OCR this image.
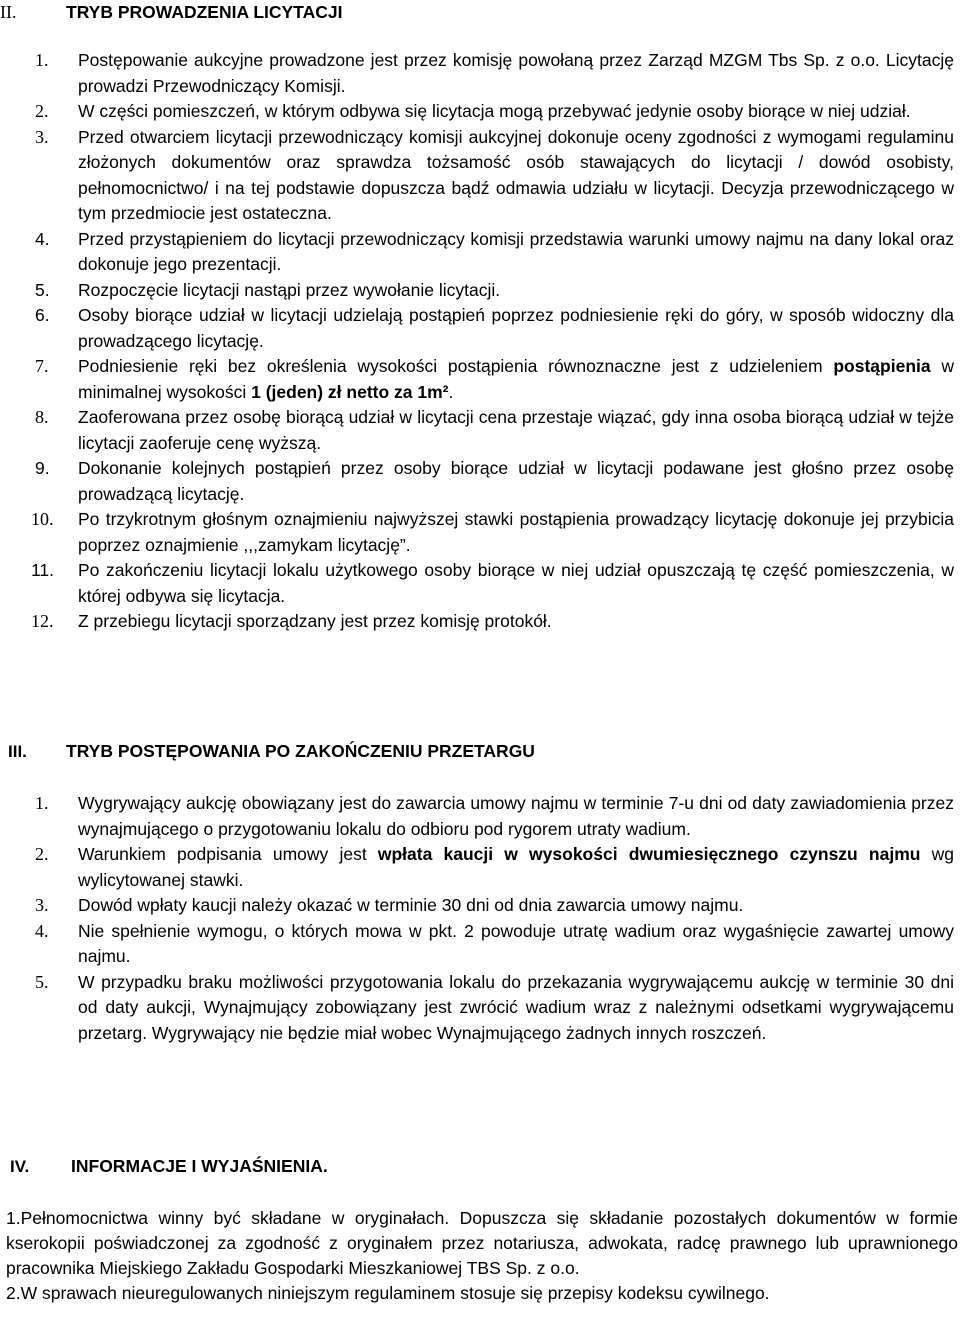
II.	TRYB PROWADZENIA LICYTACJI
1.	Postępowanie aukcyjne prowadzone jest przez komisję powołaną przez Zarząd MZGM Tbs Sp. z o.o. Licytację prowadzi Przewodniczący Komisji.
2.	W części pomieszczeń, w którym odbywa się licytacja mogą przebywać jedynie osoby biorące w niej udział.
3.	Przed otwarciem licytacji przewodniczący komisji aukcyjnej dokonuje oceny zgodności z wymogami regulaminu złożonych dokumentów oraz sprawdza tożsamość osób stawających do licytacji / dowód osobisty, pełnomocnictwo/ i na tej podstawie dopuszcza bądź odmawia udziału w licytacji. Decyzja przewodniczącego w tym przedmiocie jest ostateczna.
4.	Przed przystąpieniem do licytacji przewodniczący komisji przedstawia warunki umowy najmu na dany lokal oraz dokonuje jego prezentacji.
5.	Rozpoczęcie licytacji nastąpi przez wywołanie licytacji.
6.	Osoby biorące udział w licytacji udzielają postąpień poprzez podniesienie ręki do góry, w sposób widoczny dla prowadzącego licytację.
7.	Podniesienie ręki bez określenia wysokości postąpienia równoznaczne jest z udzieleniem postąpienia w minimalnej wysokości 1 (jeden) zł netto za 1m².
8.	Zaoferowana przez osobę biorącą udział w licytacji cena przestaje wiązać, gdy inna osoba biorącą udział w tejże licytacji zaoferuje cenę wyższą.
9.	Dokonanie kolejnych postąpień przez osoby biorące udział w licytacji podawane jest głośno przez osobę prowadzącą licytację.
10.	Po trzykrotnym głośnym oznajmieniu najwyższej stawki postąpienia prowadzący licytację dokonuje jej przybicia poprzez oznajmienie ,,,zamykam licytację”.
11.	Po zakończeniu licytacji lokalu użytkowego osoby biorące w niej udział opuszczają tę część pomieszczenia, w której odbywa się licytacja.
12.	Z przebiegu licytacji sporządzany jest przez komisję protokół.
III.	TRYB POSTĘPOWANIA PO ZAKOŃCZENIU PRZETARGU
1.	Wygrywający aukcję obowiązany jest do zawarcia umowy najmu w terminie 7-u dni od daty zawiadomienia przez wynajmującego o przygotowaniu lokalu do odbioru pod rygorem utraty wadium.
2.	Warunkiem podpisania umowy jest wpłata kaucji w wysokości dwumiesięcznego czynszu najmu wg wylicytowanej stawki.
3.	Dowód wpłaty kaucji należy okazać w terminie 30 dni od dnia zawarcia umowy najmu.
4.	Nie spełnienie wymogu, o których mowa w pkt. 2 powoduje utratę wadium oraz wygaśnięcie zawartej umowy najmu.
5.	W przypadku braku możliwości przygotowania lokalu do przekazania wygrywającemu aukcję w terminie 30 dni od daty aukcji, Wynajmujący zobowiązany jest zwrócić wadium wraz z należnymi odsetkami wygrywającemu przetarg. Wygrywający nie będzie miał wobec Wynajmującego żadnych innych roszczeń.
IV.	INFORMACJE I WYJAŚNIENIA.

1.Pełnomocnictwa winny być składane w oryginałach. Dopuszcza się składanie pozostałych dokumentów w formie kserokopii poświadczonej za zgodność z oryginałem przez notariusza, adwokata, radcę prawnego lub uprawnionego pracownika Miejskiego Zakładu Gospodarki Mieszkaniowej TBS Sp. z o.o.

2.W sprawach nieuregulowanych niniejszym regulaminem stosuje się przepisy kodeksu cywilnego.
